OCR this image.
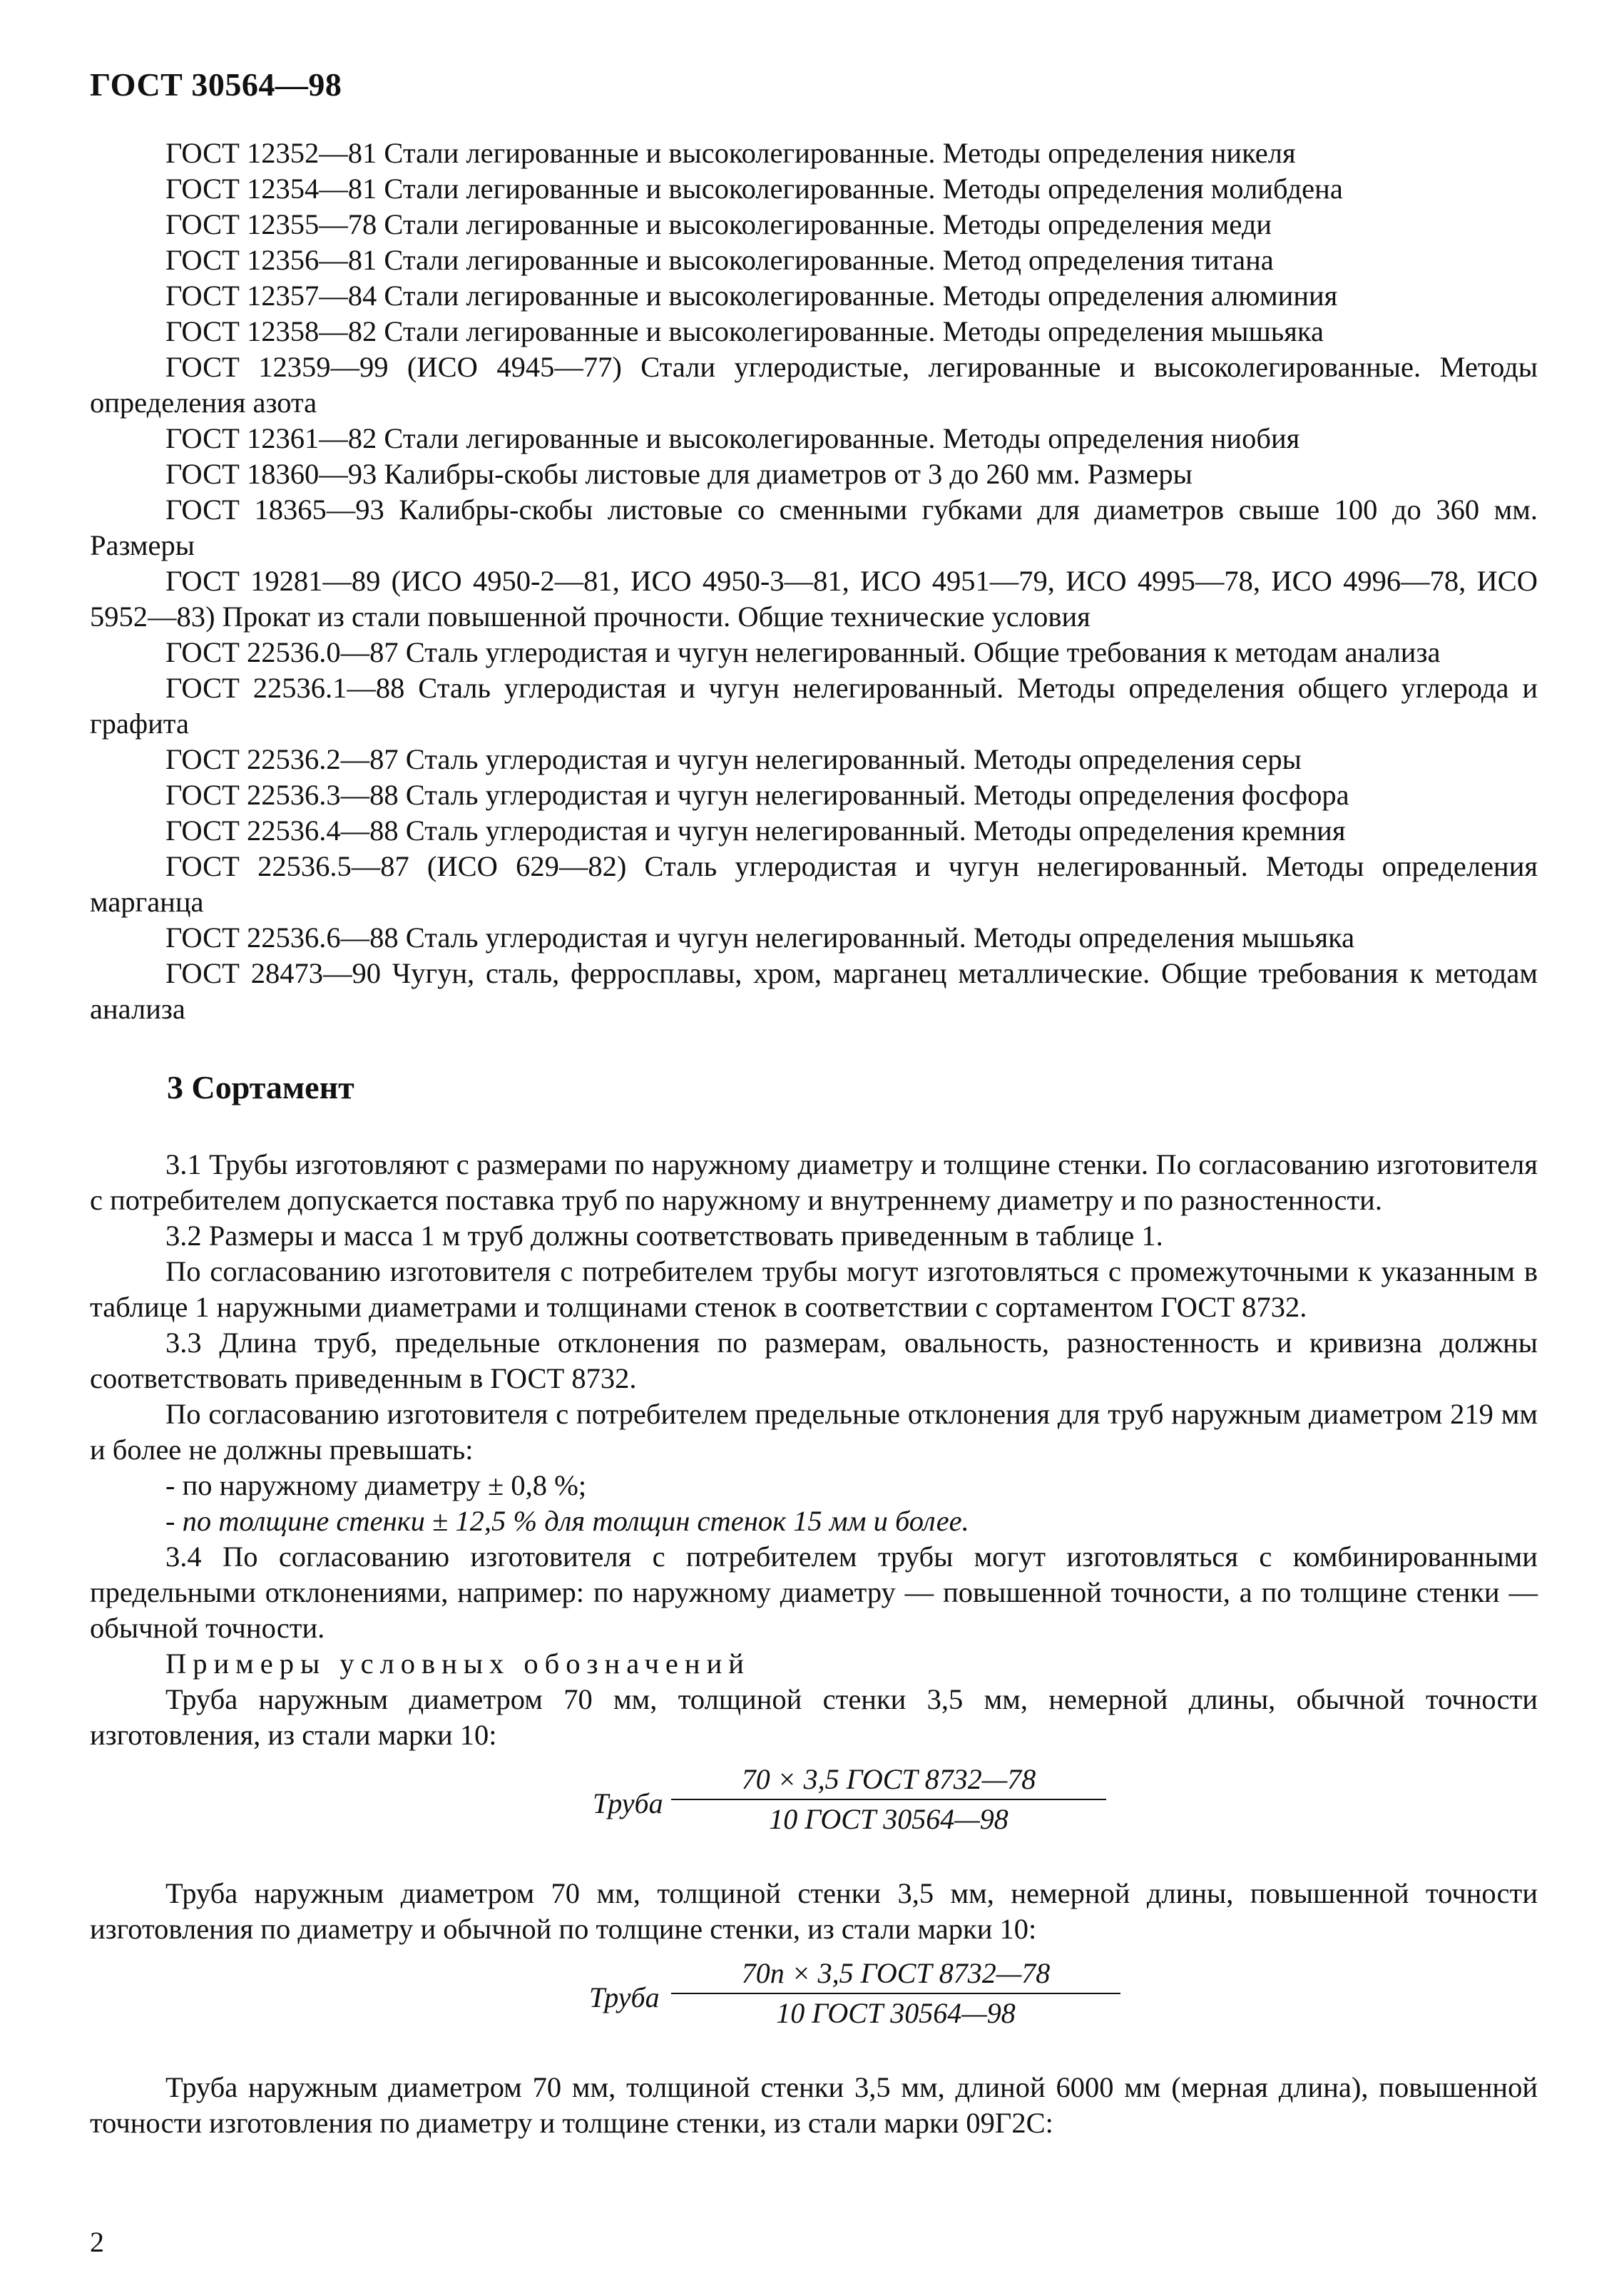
ГОСТ 30564—98

ГОСТ 12352—81 Стали легированные и высоколегированные. Методы определения никеля

ГОСТ 12354—81 Стали легированные и высоколегированные. Методы определения молибдена

ГОСТ 12355—78 Стали легированные и высоколегированные. Методы определения меди

ГОСТ 12356—81 Стали легированные и высоколегированные. Метод определения титана

ГОСТ 12357—84 Стали легированные и высоколегированные. Методы определения алюминия

ГОСТ 12358—82 Стали легированные и высоколегированные. Методы определения мышьяка

ГОСТ 12359—99 (ИСО 4945—77) Стали углеродистые, легированные и высоколегированные. Методы определения азота

ГОСТ 12361—82 Стали легированные и высоколегированные. Методы определения ниобия

ГОСТ 18360—93 Калибры-скобы листовые для диаметров от 3 до 260 мм. Размеры

ГОСТ 18365—93 Калибры-скобы листовые со сменными губками для диаметров свыше 100 до 360 мм. Размеры

ГОСТ 19281—89 (ИСО 4950-2—81, ИСО 4950-3—81, ИСО 4951—79, ИСО 4995—78, ИСО 4996—78, ИСО 5952—83) Прокат из стали повышенной прочности. Общие технические условия

ГОСТ 22536.0—87 Сталь углеродистая и чугун нелегированный. Общие требования к методам анализа

ГОСТ 22536.1—88 Сталь углеродистая и чугун нелегированный. Методы определения общего углерода и графита

ГОСТ 22536.2—87 Сталь углеродистая и чугун нелегированный. Методы определения серы

ГОСТ 22536.3—88 Сталь углеродистая и чугун нелегированный. Методы определения фосфора

ГОСТ 22536.4—88 Сталь углеродистая и чугун нелегированный. Методы определения кремния

ГОСТ 22536.5—87 (ИСО 629—82) Сталь углеродистая и чугун нелегированный. Методы определения марганца

ГОСТ 22536.6—88 Сталь углеродистая и чугун нелегированный. Методы определения мышьяка

ГОСТ 28473—90 Чугун, сталь, ферросплавы, хром, марганец металлические. Общие требования к методам анализа

3 Сортамент

3.1 Трубы изготовляют с размерами по наружному диаметру и толщине стенки. По согласованию изготовителя с потребителем допускается поставка труб по наружному и внутреннему диаметру и по разностенности.

3.2 Размеры и масса 1 м труб должны соответствовать приведенным в таблице 1.

По согласованию изготовителя с потребителем трубы могут изготовляться с промежуточными к указанным в таблице 1 наружными диаметрами и толщинами стенок в соответствии с сортаментом ГОСТ 8732.

3.3 Длина труб, предельные отклонения по размерам, овальность, разностенность и кривизна должны соответствовать приведенным в ГОСТ 8732.

По согласованию изготовителя с потребителем предельные отклонения для труб наружным диаметром 219 мм и более не должны превышать:

- по наружному диаметру ± 0,8 %;

- по толщине стенки ± 12,5 % для толщин стенок 15 мм и более.

3.4 По согласованию изготовителя с потребителем трубы могут изготовляться с комбинированными предельными отклонениями, например: по наружному диаметру — повышенной точности, а по толщине стенки — обычной точности.

Примеры условных обозначений

Труба наружным диаметром 70 мм, толщиной стенки 3,5 мм, немерной длины, обычной точности изготовления, из стали марки 10:

Труба
70 × 3,5 ГОСТ 8732—78
10 ГОСТ 30564—98

Труба наружным диаметром 70 мм, толщиной стенки 3,5 мм, немерной длины, повышенной точности изготовления по диаметру и обычной по толщине стенки, из стали марки 10:

Труба
70п × 3,5 ГОСТ 8732—78
10 ГОСТ 30564—98

Труба наружным диаметром 70 мм, толщиной стенки 3,5 мм, длиной 6000 мм (мерная длина), повышенной точности изготовления по диаметру и толщине стенки, из стали марки 09Г2С:

2
